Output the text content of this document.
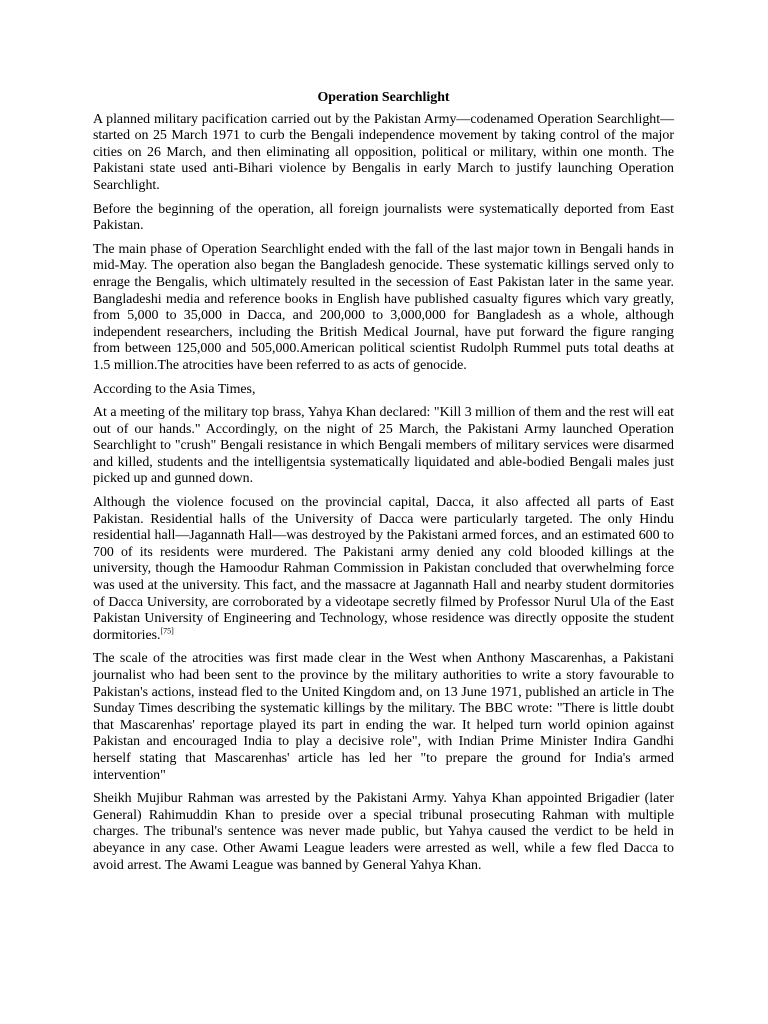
Operation Searchlight

A planned military pacification carried out by the Pakistan Army—codenamed Operation Searchlight—started on 25 March 1971 to curb the Bengali independence movement by taking control of the major cities on 26 March, and then eliminating all opposition, political or military, within one month. The Pakistani state used anti-Bihari violence by Bengalis in early March to justify launching Operation Searchlight.

Before the beginning of the operation, all foreign journalists were systematically deported from East Pakistan.

The main phase of Operation Searchlight ended with the fall of the last major town in Bengali hands in mid-May. The operation also began the Bangladesh genocide. These systematic killings served only to enrage the Bengalis, which ultimately resulted in the secession of East Pakistan later in the same year. Bangladeshi media and reference books in English have published casualty figures which vary greatly, from 5,000 to 35,000 in Dacca, and 200,000 to 3,000,000 for Bangladesh as a whole, although independent researchers, including the British Medical Journal, have put forward the figure ranging from between 125,000 and 505,000.American political scientist Rudolph Rummel puts total deaths at 1.5 million.The atrocities have been referred to as acts of genocide.

According to the Asia Times,

At a meeting of the military top brass, Yahya Khan declared: "Kill 3 million of them and the rest will eat out of our hands." Accordingly, on the night of 25 March, the Pakistani Army launched Operation Searchlight to "crush" Bengali resistance in which Bengali members of military services were disarmed and killed, students and the intelligentsia systematically liquidated and able-bodied Bengali males just picked up and gunned down.

Although the violence focused on the provincial capital, Dacca, it also affected all parts of East Pakistan. Residential halls of the University of Dacca were particularly targeted. The only Hindu residential hall—Jagannath Hall—was destroyed by the Pakistani armed forces, and an estimated 600 to 700 of its residents were murdered. The Pakistani army denied any cold blooded killings at the university, though the Hamoodur Rahman Commission in Pakistan concluded that overwhelming force was used at the university. This fact, and the massacre at Jagannath Hall and nearby student dormitories of Dacca University, are corroborated by a videotape secretly filmed by Professor Nurul Ula of the East Pakistan University of Engineering and Technology, whose residence was directly opposite the student dormitories.[75]

The scale of the atrocities was first made clear in the West when Anthony Mascarenhas, a Pakistani journalist who had been sent to the province by the military authorities to write a story favourable to Pakistan's actions, instead fled to the United Kingdom and, on 13 June 1971, published an article in The Sunday Times describing the systematic killings by the military. The BBC wrote: "There is little doubt that Mascarenhas' reportage played its part in ending the war. It helped turn world opinion against Pakistan and encouraged India to play a decisive role", with Indian Prime Minister Indira Gandhi herself stating that Mascarenhas' article has led her "to prepare the ground for India's armed intervention"

Sheikh Mujibur Rahman was arrested by the Pakistani Army. Yahya Khan appointed Brigadier (later General) Rahimuddin Khan to preside over a special tribunal prosecuting Rahman with multiple charges. The tribunal's sentence was never made public, but Yahya caused the verdict to be held in abeyance in any case. Other Awami League leaders were arrested as well, while a few fled Dacca to avoid arrest. The Awami League was banned by General Yahya Khan.
